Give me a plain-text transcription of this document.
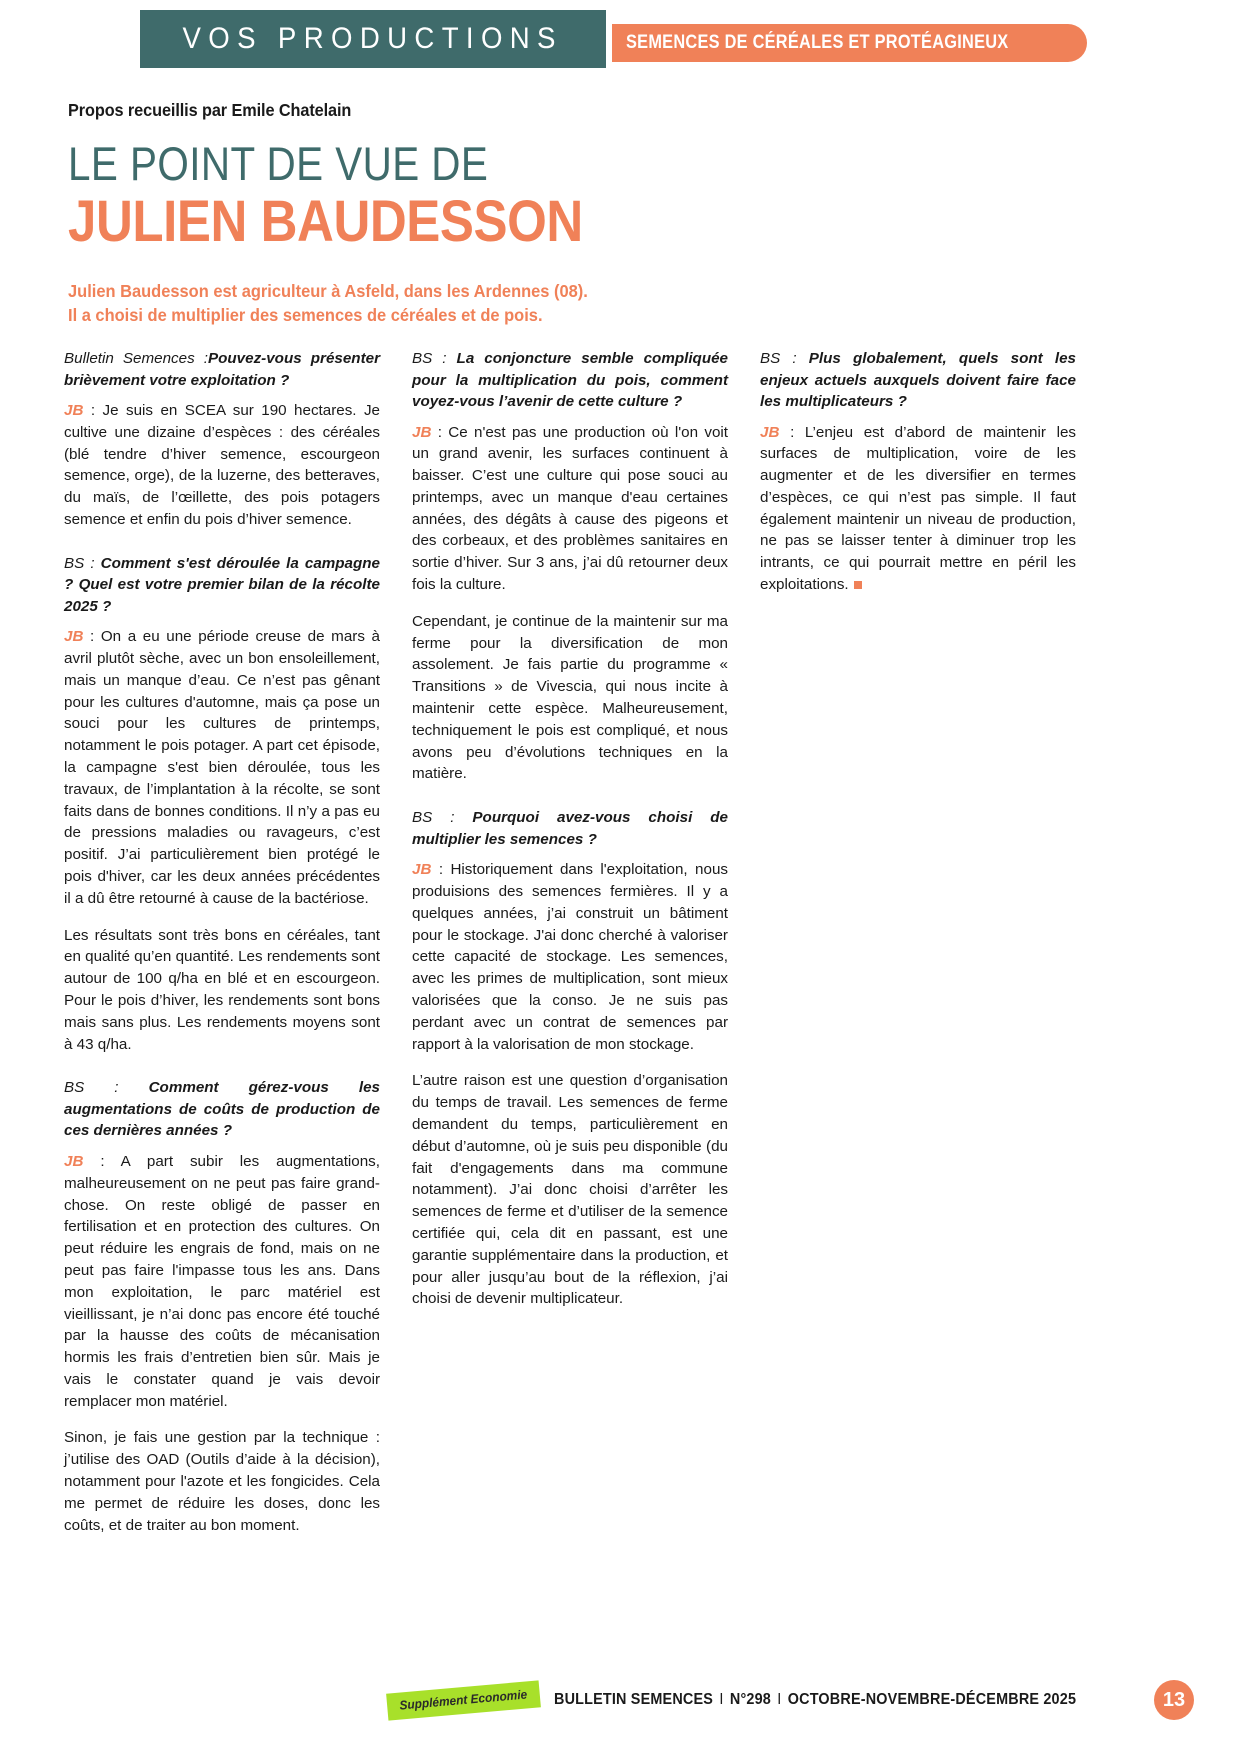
VOS PRODUCTIONS	SEMENCES DE CÉRÉALES ET PROTÉAGINEUX
Propos recueillis par Emile Chatelain
LE POINT DE VUE DE
JULIEN BAUDESSON
Julien Baudesson est agriculteur à Asfeld, dans les Ardennes (08).
Il a choisi de multiplier des semences de céréales et de pois.

Bulletin Semences :Pouvez-vous présenter brièvement votre exploitation ?

JB : Je suis en SCEA sur 190 hectares. Je cultive une dizaine d’espèces : des céréales (blé tendre d’hiver semence, escourgeon semence, orge), de la luzerne, des betteraves, du maïs, de l’œillette, des pois potagers semence et enfin du pois d’hiver semence.

BS : Comment s'est déroulée la campagne ? Quel est votre premier bilan de la récolte 2025 ?

JB : On a eu une période creuse de mars à avril plutôt sèche, avec un bon ensoleillement, mais un manque d’eau. Ce n’est pas gênant pour les cultures d'automne, mais ça pose un souci pour les cultures de printemps, notamment le pois potager. A part cet épisode, la campagne s'est bien déroulée, tous les travaux, de l’implantation à la récolte, se sont faits dans de bonnes conditions. Il n’y a pas eu de pressions maladies ou ravageurs, c’est positif. J’ai particulièrement bien protégé le pois d'hiver, car les deux années précédentes il a dû être retourné à cause de la bactériose.

Les résultats sont très bons en céréales, tant en qualité qu’en quantité. Les rendements sont autour de 100 q/ha en blé et en escourgeon. Pour le pois d’hiver, les rendements sont bons mais sans plus. Les rendements moyens sont à 43 q/ha.

BS : Comment gérez-vous les augmentations de coûts de production de ces dernières années ?

JB : A part subir les augmentations, malheureusement on ne peut pas faire grand-chose. On reste obligé de passer en fertilisation et en protection des cultures. On peut réduire les engrais de fond, mais on ne peut pas faire l'impasse tous les ans. Dans mon exploitation, le parc matériel est vieillissant, je n’ai donc pas encore été touché par la hausse des coûts de mécanisation hormis les frais d’entretien bien sûr. Mais je vais le constater quand je vais devoir remplacer mon matériel.

Sinon, je fais une gestion par la technique : j’utilise des OAD (Outils d’aide à la décision), notamment pour l'azote et les fongicides. Cela me permet de réduire les doses, donc les coûts, et de traiter au bon moment.

BS : La conjoncture semble compliquée pour la multiplication du pois, comment voyez-vous l’avenir de cette culture ?

JB : Ce n'est pas une production où l'on voit un grand avenir, les surfaces continuent à baisser. C’est une culture qui pose souci au printemps, avec un manque d'eau certaines années, des dégâts à cause des pigeons et des corbeaux, et des problèmes sanitaires en sortie d’hiver. Sur 3 ans, j’ai dû retourner deux fois la culture.

Cependant, je continue de la maintenir sur ma ferme pour la diversification de mon assolement. Je fais partie du programme « Transitions » de Vivescia, qui nous incite à maintenir cette espèce. Malheureusement, techniquement le pois est compliqué, et nous avons peu d’évolutions techniques en la matière.

BS : Pourquoi avez-vous choisi de multiplier les semences ?

JB : Historiquement dans l'exploitation, nous produisions des semences fermières. Il y a quelques années, j’ai construit un bâtiment pour le stockage. J'ai donc cherché à valoriser cette capacité de stockage. Les semences, avec les primes de multiplication, sont mieux valorisées que la conso. Je ne suis pas perdant avec un contrat de semences par rapport à la valorisation de mon stockage.

L’autre raison est une question d’organisation du temps de travail. Les semences de ferme demandent du temps, particulièrement en début d’automne, où je suis peu disponible (du fait d'engagements dans ma commune notamment). J’ai donc choisi d’arrêter les semences de ferme et d’utiliser de la semence certifiée qui, cela dit en passant, est une garantie supplémentaire dans la production, et pour aller jusqu’au bout de la réflexion, j’ai choisi de devenir multiplicateur.

BS : Plus globalement, quels sont les enjeux actuels auxquels doivent faire face les multiplicateurs ?

JB : L’enjeu est d’abord de maintenir les surfaces de multiplication, voire de les augmenter et de les diversifier en termes d’espèces, ce qui n’est pas simple. Il faut également maintenir un niveau de production, ne pas se laisser tenter à diminuer trop les intrants, ce qui pourrait mettre en péril les exploitations.

Supplément Economie	BULLETIN SEMENCES I N°298 I OCTOBRE-NOVEMBRE-DÉCEMBRE 2025	13
